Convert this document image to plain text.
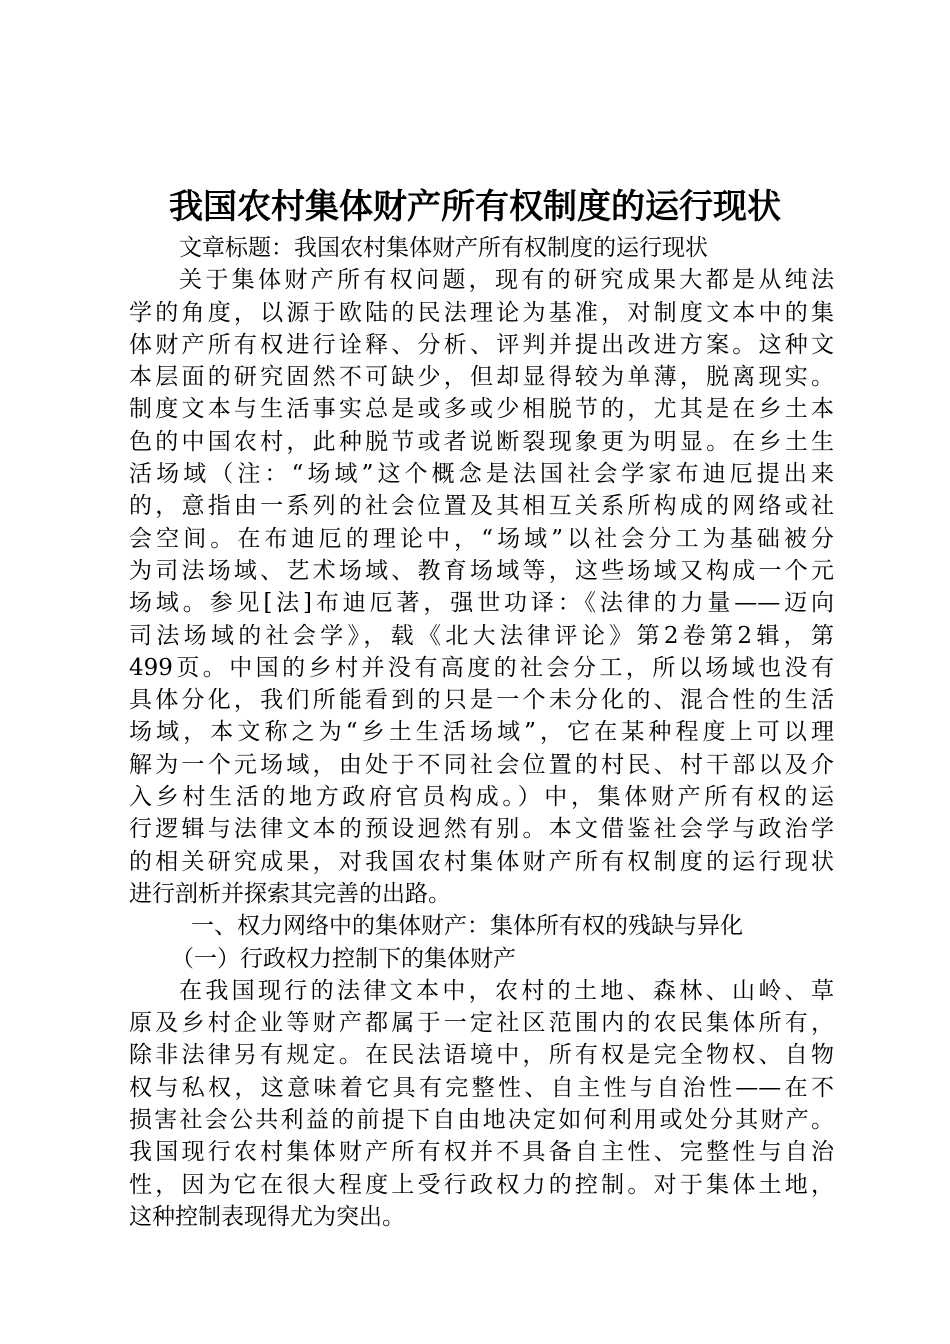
我国农村集体财产所有权制度的运行现状
文章标题：我国农村集体财产所有权制度的运行现状
关于集体财产所有权问题，现有的研究成果大都是从纯法
学的角度，以源于欧陆的民法理论为基准，对制度文本中的集
体财产所有权进行诠释、分析、评判并提出改进方案。这种文
本层面的研究固然不可缺少，但却显得较为单薄，脱离现实。
制度文本与生活事实总是或多或少相脱节的，尤其是在乡土本
色的中国农村，此种脱节或者说断裂现象更为明显。在乡土生
活场域（注：“场域”这个概念是法国社会学家布迪厄提出来
的，意指由一系列的社会位置及其相互关系所构成的网络或社
会空间。在布迪厄的理论中，“场域”以社会分工为基础被分
为司法场域、艺术场域、教育场域等，这些场域又构成一个元
场域。参见[法]布迪厄著，强世功译：《法律的力量——迈向
司法场域的社会学》，载《北大法律评论》第2卷第2辑，第
499页。中国的乡村并没有高度的社会分工，所以场域也没有
具体分化，我们所能看到的只是一个未分化的、混合性的生活
场域，本文称之为“乡土生活场域”，它在某种程度上可以理
解为一个元场域，由处于不同社会位置的村民、村干部以及介
入乡村生活的地方政府官员构成。）中，集体财产所有权的运
行逻辑与法律文本的预设迥然有别。本文借鉴社会学与政治学
的相关研究成果，对我国农村集体财产所有权制度的运行现状
进行剖析并探索其完善的出路。
一、权力网络中的集体财产：集体所有权的残缺与异化
（一）行政权力控制下的集体财产
在我国现行的法律文本中，农村的土地、森林、山岭、草
原及乡村企业等财产都属于一定社区范围内的农民集体所有，
除非法律另有规定。在民法语境中，所有权是完全物权、自物
权与私权，这意味着它具有完整性、自主性与自治性——在不
损害社会公共利益的前提下自由地决定如何利用或处分其财产。
我国现行农村集体财产所有权并不具备自主性、完整性与自治
性，因为它在很大程度上受行政权力的控制。对于集体土地，
这种控制表现得尤为突出。
